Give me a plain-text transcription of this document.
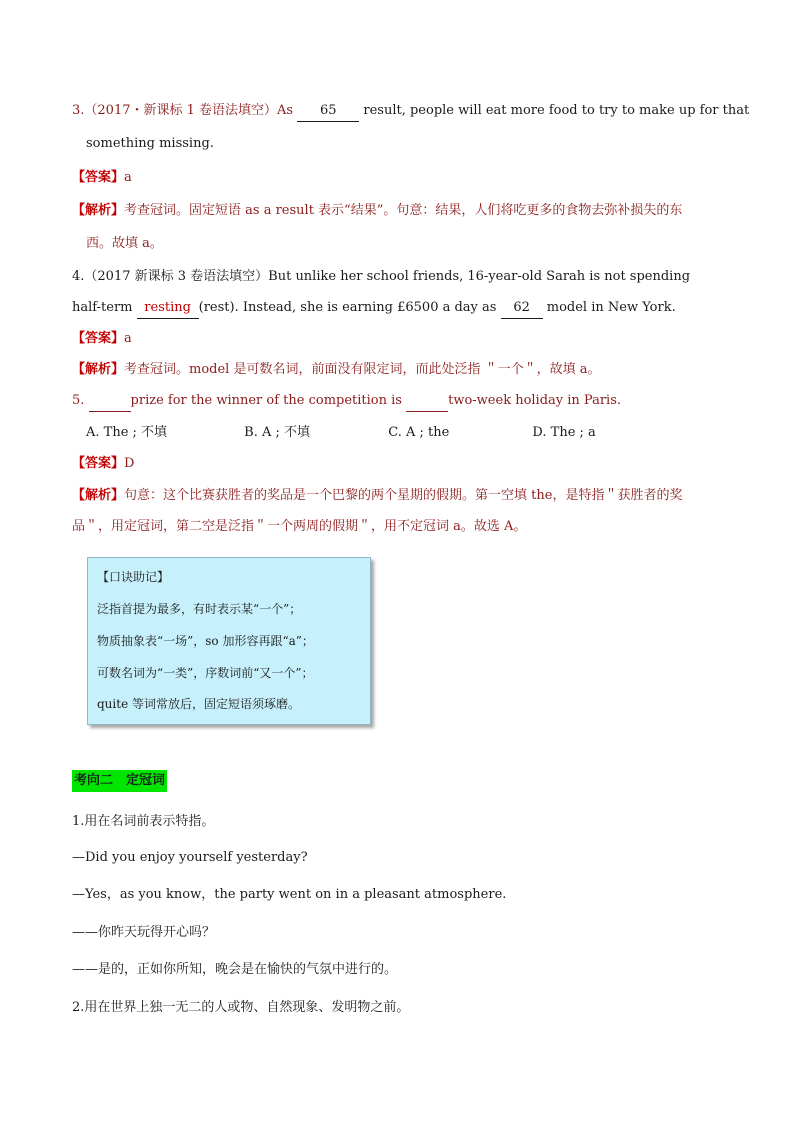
3.（2017・新课标 1 卷语法填空）As 65 result, people will eat more food to try to make up for that
something missing.
【答案】a
【解析】考查冠词。固定短语 as a result 表示“结果”。句意：结果，人们将吃更多的食物去弥补损失的东
西。故填 a。
4.（2017 新课标 3 卷语法填空）But unlike her school friends, 16-year-old Sarah is not spending
half-term resting (rest). Instead, she is earning £6500 a day as 62 model in New York.
【答案】a
【解析】考查冠词。model 是可数名词，前面没有限定词，而此处泛指 ＂一个＂，故填 a。
5.	prize for the winner of the competition is	two-week holiday in Paris.
A. The ; 不填	B. A ; 不填	C. A ; the	D. The ; a
【答案】D
【解析】句意：这个比赛获胜者的奖品是一个巴黎的两个星期的假期。第一空填 the，是特指＂获胜者的奖
品＂，用定冠词，第二空是泛指＂一个两周的假期＂，用不定冠词 a。故选 A。
【口诀助记】
泛指首提为最多，有时表示某“一个”；
物质抽象表“一场”，so 加形容再跟“a”；
可数名词为“一类”，序数词前“又一个”；
quite 等词常放后，固定短语须琢磨。
考向二　定冠词
1.用在名词前表示特指。
—Did you enjoy yourself yesterday?
—Yes，as you know，the party went on in a pleasant atmosphere.
——你昨天玩得开心吗？
——是的，正如你所知，晚会是在愉快的气氛中进行的。
2.用在世界上独一无二的人或物、自然现象、发明物之前。
